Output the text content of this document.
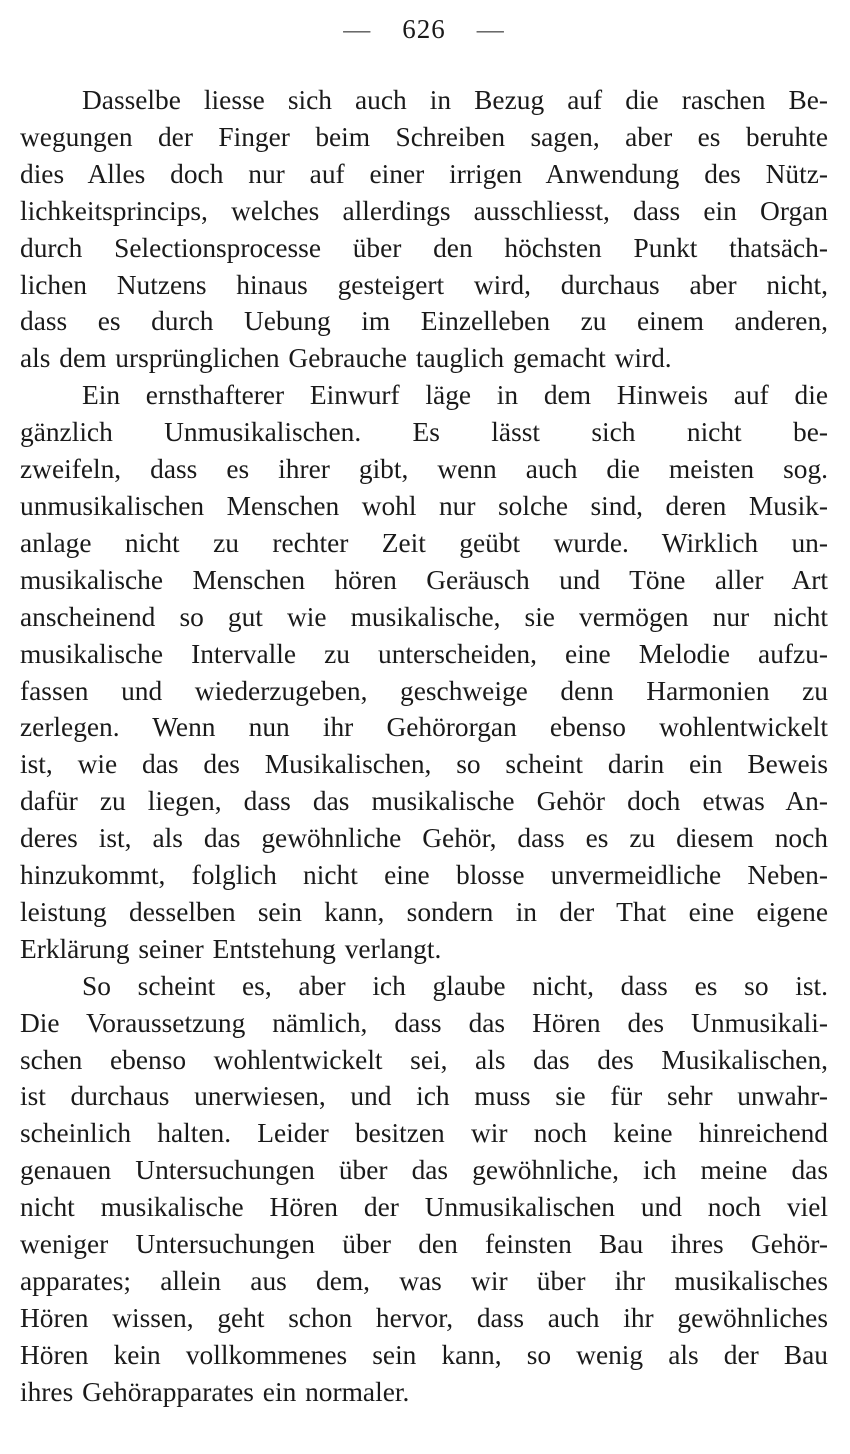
— 626 —

Dasselbe liesse sich auch in Bezug auf die raschen Be-
wegungen der Finger beim Schreiben sagen, aber es beruhte
dies Alles doch nur auf einer irrigen Anwendung des Nütz-
lichkeitsprincips, welches allerdings ausschliesst, dass ein Organ
durch Selectionsprocesse über den höchsten Punkt thatsäch-
lichen Nutzens hinaus gesteigert wird, durchaus aber nicht,
dass es durch Uebung im Einzelleben zu einem anderen,
als dem ursprünglichen Gebrauche tauglich gemacht wird.

Ein ernsthafterer Einwurf läge in dem Hinweis auf die
gänzlich Unmusikalischen. Es lässt sich nicht be-
zweifeln, dass es ihrer gibt, wenn auch die meisten sog.
unmusikalischen Menschen wohl nur solche sind, deren Musik-
anlage nicht zu rechter Zeit geübt wurde. Wirklich un-
musikalische Menschen hören Geräusch und Töne aller Art
anscheinend so gut wie musikalische, sie vermögen nur nicht
musikalische Intervalle zu unterscheiden, eine Melodie aufzu-
fassen und wiederzugeben, geschweige denn Harmonien zu
zerlegen. Wenn nun ihr Gehörorgan ebenso wohlentwickelt
ist, wie das des Musikalischen, so scheint darin ein Beweis
dafür zu liegen, dass das musikalische Gehör doch etwas An-
deres ist, als das gewöhnliche Gehör, dass es zu diesem noch
hinzukommt, folglich nicht eine blosse unvermeidliche Neben-
leistung desselben sein kann, sondern in der That eine eigene
Erklärung seiner Entstehung verlangt.

So scheint es, aber ich glaube nicht, dass es so ist.
Die Voraussetzung nämlich, dass das Hören des Unmusikali-
schen ebenso wohlentwickelt sei, als das des Musikalischen,
ist durchaus unerwiesen, und ich muss sie für sehr unwahr-
scheinlich halten. Leider besitzen wir noch keine hinreichend
genauen Untersuchungen über das gewöhnliche, ich meine das
nicht musikalische Hören der Unmusikalischen und noch viel
weniger Untersuchungen über den feinsten Bau ihres Gehör-
apparates; allein aus dem, was wir über ihr musikalisches
Hören wissen, geht schon hervor, dass auch ihr gewöhnliches
Hören kein vollkommenes sein kann, so wenig als der Bau
ihres Gehörapparates ein normaler.
